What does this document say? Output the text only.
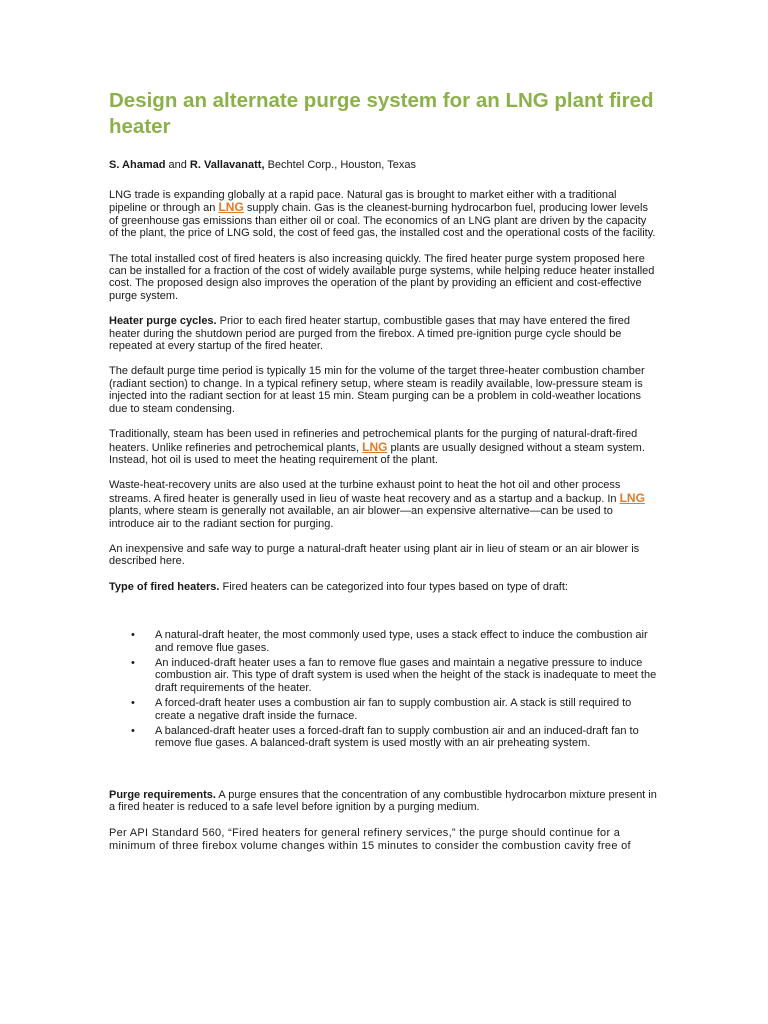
Design an alternate purge system for an LNG plant fired heater
S. Ahamad and R. Vallavanatt, Bechtel Corp., Houston, Texas

LNG trade is expanding globally at a rapid pace. Natural gas is brought to market either with a traditional pipeline or through an LNG supply chain. Gas is the cleanest-burning hydrocarbon fuel, producing lower levels of greenhouse gas emissions than either oil or coal. The economics of an LNG plant are driven by the capacity of the plant, the price of LNG sold, the cost of feed gas, the installed cost and the operational costs of the facility.

The total installed cost of fired heaters is also increasing quickly. The fired heater purge system proposed here can be installed for a fraction of the cost of widely available purge systems, while helping reduce heater installed cost. The proposed design also improves the operation of the plant by providing an efficient and cost-effective purge system.

Heater purge cycles. Prior to each fired heater startup, combustible gases that may have entered the fired heater during the shutdown period are purged from the firebox. A timed pre-ignition purge cycle should be repeated at every startup of the fired heater.

The default purge time period is typically 15 min for the volume of the target three-heater combustion chamber (radiant section) to change. In a typical refinery setup, where steam is readily available, low-pressure steam is injected into the radiant section for at least 15 min. Steam purging can be a problem in cold-weather locations due to steam condensing.

Traditionally, steam has been used in refineries and petrochemical plants for the purging of natural-draft-fired heaters. Unlike refineries and petrochemical plants, LNG plants are usually designed without a steam system. Instead, hot oil is used to meet the heating requirement of the plant.

Waste-heat-recovery units are also used at the turbine exhaust point to heat the hot oil and other process streams. A fired heater is generally used in lieu of waste heat recovery and as a startup and a backup. In LNG plants, where steam is generally not available, an air blower—an expensive alternative—can be used to introduce air to the radiant section for purging.

An inexpensive and safe way to purge a natural-draft heater using plant air in lieu of steam or an air blower is described here.

Type of fired heaters. Fired heaters can be categorized into four types based on type of draft:

• A natural-draft heater, the most commonly used type, uses a stack effect to induce the combustion air and remove flue gases.
• An induced-draft heater uses a fan to remove flue gases and maintain a negative pressure to induce combustion air. This type of draft system is used when the height of the stack is inadequate to meet the draft requirements of the heater.
• A forced-draft heater uses a combustion air fan to supply combustion air. A stack is still required to create a negative draft inside the furnace.
• A balanced-draft heater uses a forced-draft fan to supply combustion air and an induced-draft fan to remove flue gases. A balanced-draft system is used mostly with an air preheating system.

Purge requirements. A purge ensures that the concentration of any combustible hydrocarbon mixture present in a fired heater is reduced to a safe level before ignition by a purging medium.

Per API Standard 560, “Fired heaters for general refinery services,” the purge should continue for a minimum of three firebox volume changes within 15 minutes to consider the combustion cavity free of
